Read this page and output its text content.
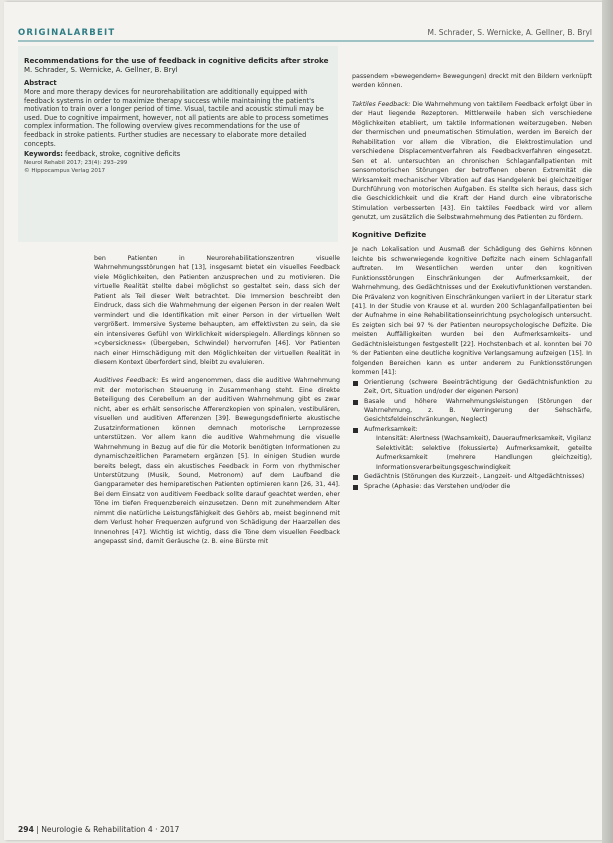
ORIGINALARBEIT	M. Schrader, S. Wernicke, A. Gellner, B. Bryl
Recommendations for the use of feedback in cognitive deficits after stroke
M. Schrader, S. Wernicke, A. Gellner, B. Bryl
Abstract
More and more therapy devices for neurorehabilitation are additionally equipped with feedback systems in order to maximize therapy success while maintaining the patient's motivation to train over a longer period of time. Visual, tactile and acoustic stimuli may be used. Due to cognitive impairment, however, not all patients are able to process sometimes complex information. The following overview gives recommendations for the use of feedback in stroke patients. Further studies are necessary to elaborate more detailed concepts.
Keywords: feedback, stroke, cognitive deficits
Neurol Rehabil 2017; 23(4): 293–299
© Hippocampus Verlag 2017

passendem »bewegendem« Bewegungen) dreckt mit den Bildern verknüpft werden können.

Taktiles Feedback: Die Wahrnehmung von taktilem Feedback erfolgt über in der Haut liegende Rezeptoren. Mittlerweile haben sich verschiedene Möglichkeiten etabliert, um taktile Informationen weiterzugeben. Neben der thermischen und pneumatischen Stimulation, werden im Bereich der Rehabilitation vor allem die Vibration, die Elektrostimulation und verschiedene Displacementverfahren als Feedbackverfahren eingesetzt. Sen et al. untersuchten an chronischen Schlaganfallpatienten mit sensomotorischen Störungen der betroffenen oberen Extremität die Wirksamkeit mechanischer Vibration auf das Handgelenk bei gleichzeitiger Durchführung von motorischen Aufgaben. Es stellte sich heraus, dass sich die Geschicklichkeit und die Kraft der Hand durch eine vibratorische Stimulation verbesserten [43]. Ein taktiles Feedback wird vor allem genutzt, um zusätzlich die Selbstwahrnehmung des Patienten zu fördern.

Kognitive Defizite

Je nach Lokalisation und Ausmaß der Schädigung des Gehirns können leichte bis schwerwiegende kognitive Defizite nach einem Schlaganfall auftreten. Im Wesentlichen werden unter den kognitiven Funktionsstörungen Einschränkungen der Aufmerksamkeit, der Wahrnehmung, des Gedächtnisses und der Exekutivfunktionen verstanden. Die Prävalenz von kognitiven Einschränkungen variiert in der Literatur stark [41]. In der Studie von Krause et al. wurden 200 Schlaganfallpatienten bei der Aufnahme in eine Rehabilitationseinrichtung psychologisch untersucht. Es zeigten sich bei 97 % der Patienten neuropsychologische Defizite. Die meisten Auffälligkeiten wurden bei den Aufmerksamkeits- und Gedächtnisleistungen festgestellt [22]. Hochstenbach et al. konnten bei 70 % der Patienten eine deutliche kognitive Verlangsamung aufzeigen [15]. In folgenden Bereichen kann es unter anderem zu Funktionsstörungen kommen [41]:

Orientierung (schwere Beeinträchtigung der Gedächtnisfunktion zu Zeit, Ort, Situation und/oder der eigenen Person)
Basale und höhere Wahrnehmungsleistungen (Störungen der Wahrnehmung, z. B. Verringerung der Sehschärfe, Gesichtsfeldeinschränkungen, Neglect)
Aufmerksamkeit:
Intensität: Alertness (Wachsamkeit), Daueraufmerksamkeit, Vigilanz
Selektivität: selektive (fokussierte) Aufmerksamkeit, geteilte Aufmerksamkeit (mehrere Handlungen gleichzeitig), Informationsverarbeitungsgeschwindigkeit
Gedächtnis (Störungen des Kurzzeit-, Langzeit- und Altgedächtnisses)
Sprache (Aphasie: das Verstehen und/oder die

ben Patienten in Neurorehabilitationszentren visuelle Wahrnehmungsstörungen hat [13], insgesamt bietet ein visuelles Feedback viele Möglichkeiten, den Patienten anzusprechen und zu motivieren. Die virtuelle Realität stellte dabei möglichst so gestaltet sein, dass sich der Patient als Teil dieser Welt betrachtet. Die Immersion beschreibt den Eindruck, dass sich die Wahrnehmung der eigenen Person in der realen Welt vermindert und die Identifikation mit einer Person in der virtuellen Welt vergrößert. Immersive Systeme behaupten, am effektivsten zu sein, da sie ein intensiveres Gefühl von Wirklichkeit widerspiegeln. Allerdings können so »cybersickness« (Übergeben, Schwindel) hervorrufen [46]. Vor Patienten nach einer Hirnschädigung mit den Möglichkeiten der virtuellen Realität in diesem Kontext überfordert sind, bleibt zu evaluieren.

Auditives Feedback: Es wird angenommen, dass die auditive Wahrnehmung mit der motorischen Steuerung in Zusammenhang steht. Eine direkte Beteiligung des Cerebellum an der auditiven Wahrnehmung gibt es zwar nicht, aber es erhält sensorische Afferenzkopien von spinalen, vestibulären, visuellen und auditiven Afferenzen [39]. Bewegungsdefinierte akustische Zusatzinformationen können demnach motorische Lernprozesse unterstützen. Vor allem kann die auditive Wahrnehmung die visuelle Wahrnehmung in Bezug auf die für die Motorik benötigten Informationen zu dynamischzeitlichen Parametern ergänzen [5]. In einigen Studien wurde bereits belegt, dass ein akustisches Feedback in Form von rhythmischer Unterstützung (Musik, Sound, Metronom) auf dem Laufband die Gangparameter des hemiparetischen Patienten optimieren kann [26, 31, 44]. Bei dem Einsatz von auditivem Feedback sollte darauf geachtet werden, eher Töne im tiefen Frequenzbereich einzusetzen. Denn mit zunehmendem Alter nimmt die natürliche Leistungsfähigkeit des Gehörs ab, meist beginnend mit dem Verlust hoher Frequenzen aufgrund von Schädigung der Haarzellen des Innenohres [47]. Wichtig ist wichtig, dass die Töne dem visuellen Feedback angepasst sind, damit Geräusche (z. B. eine Bürste mit

294 | Neurologie & Rehabilitation 4 · 2017
